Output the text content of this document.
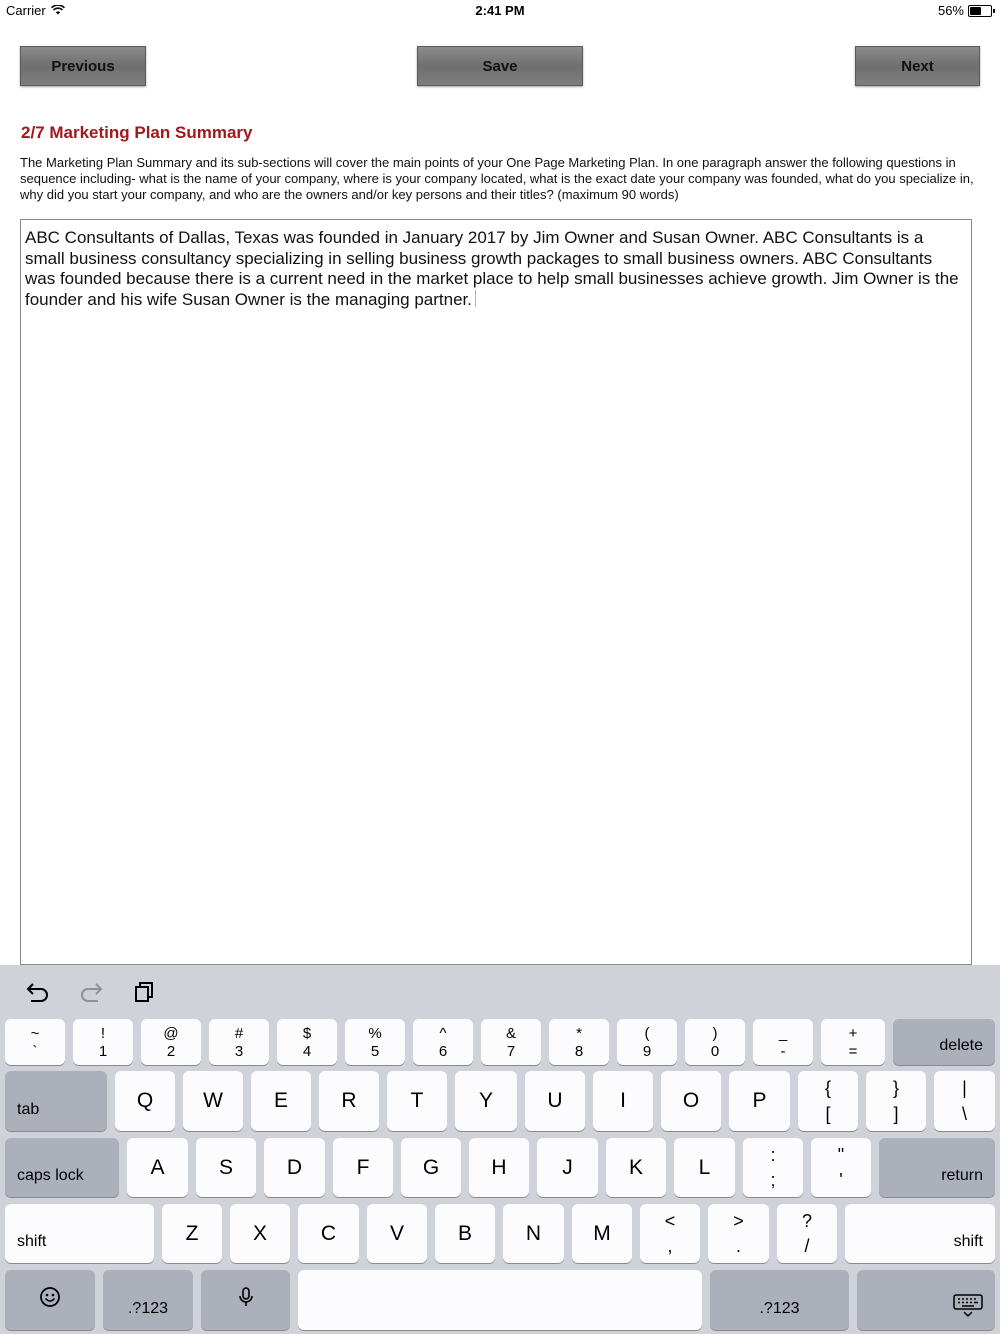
Carrier	2:41 PM	56%
Previous	Save	Next
2/7 Marketing Plan Summary
The Marketing Plan Summary and its sub-sections will cover the main points of your One Page Marketing Plan. In one paragraph answer the following questions in sequence including- what is the name of your company, where is your company located, what is the exact date your company was founded, what do you specialize in, why did you start your company, and who are the owners and/or key persons and their titles? (maximum 90 words)
ABC Consultants of Dallas, Texas was founded in January 2017 by Jim Owner and Susan Owner. ABC Consultants is a small business consultancy specializing in selling business growth packages to small business owners. ABC Consultants was founded because there is a current need in the market place to help small businesses achieve growth. Jim Owner is the founder and his wife Susan Owner is the managing partner.
~
`
!
1
@
2
#
3
$
4
%
5
^
6
&
7
*
8
(
9
)
0
_
-
+
=	delete
tab	Q	W	E	R	T	Y	U	I	O	P
{
[
}
]
|
\
caps lock	A	S	D	F	G	H	J	K	L
:
;
"
'	return
shift	Z	X	C	V	B	N	M
<
,
>
.
?
/	shift
.?123	.?123
